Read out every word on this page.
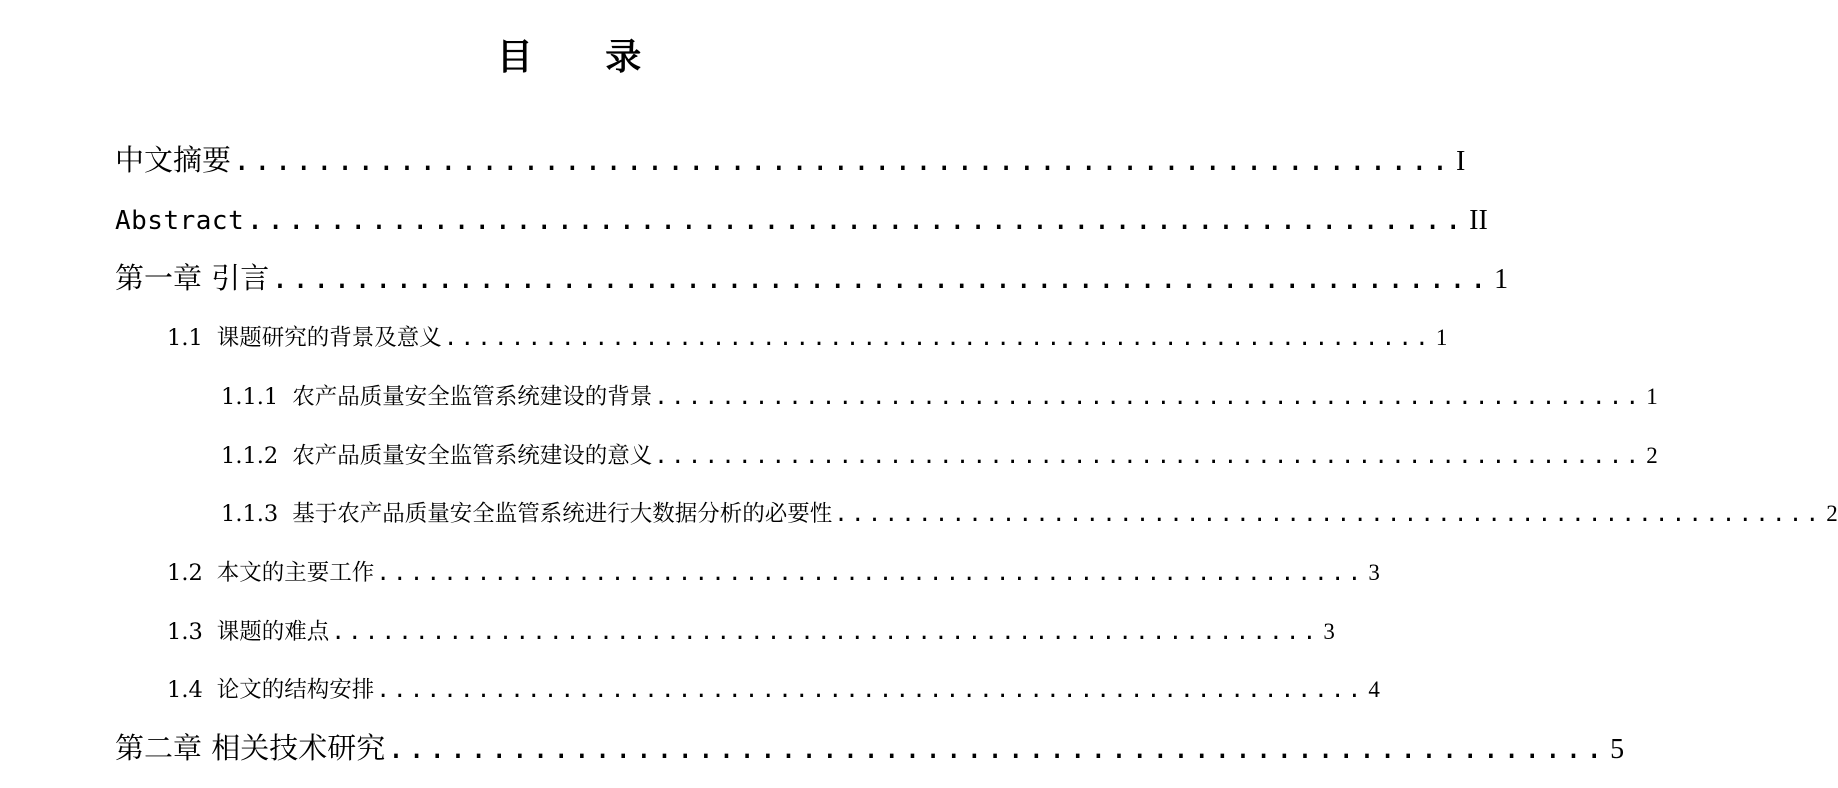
目 录
中文摘要 ........................................................... I
Abstract ........................................................... II
第一章 引言 ........................................................... 1
1.1 课题研究的背景及意义 ........................................................... 1
1.1.1 农产品质量安全监管系统建设的背景 ........................................................... 1
1.1.2 农产品质量安全监管系统建设的意义 ........................................................... 2
1.1.3 基于农产品质量安全监管系统进行大数据分析的必要性 ........................................................... 2
1.2 本文的主要工作 ........................................................... 3
1.3 课题的难点 ........................................................... 3
1.4 论文的结构安排 ........................................................... 4
第二章 相关技术研究 ........................................................... 5
